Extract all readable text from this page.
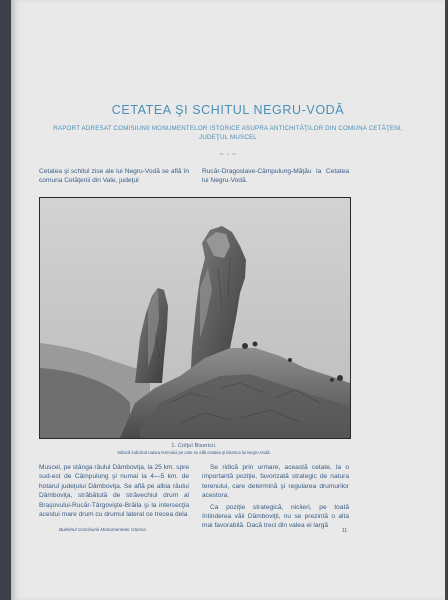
CETATEA ŞI SCHITUL NEGRU-VODĂ
RAPORT ADRESAT COMISIUNII MONUMENTELOR ISTORICE ASUPRA ANTICHITĂŢILOR DIN COMUNA CETĂŢENI, JUDEŢUL MUSCEL
~ ◦ ~
Cetatea şi schitul zise ale lui Negru-Vodă se află în comuna Cetăţenii din Vale, judeţul
Rucăr-Dragoslave-Câmpulung-Măţău la Cetatea lui Negru-Vodă.
1. Colţul Bisericii.
Stâncă indicând natura terenului pe care se află cetatea şi biserica lui Negru-Vodă.
Muscel, pe stânga râului Dâmboviţa, la 25 km. spre sud-est de Câmpulung şi numai la 4—5 km. de hotarul judeţului Dâmboviţa. Se află pe albia râului Dâmboviţa, străbătută de străvechiul drum al Braşovului-Rucăr-Târgovişte-Brăila şi la intersecţia acestui mare drum cu drumul lateral ce trecea dela
Se ridică prin urmare, această cetate, la o importantă poziţie, favorizată strategic de natura terenului, care determină şi regularea drumurilor acestora.
Ca poziţie strategică, niciieri, pe toată întinderea văii Dâmboviţii, nu se prezintă o alta mai favorabilă. Dacă treci din valea ei largă
Buletinul Comisiunii Monumentelor Istorice.	11
